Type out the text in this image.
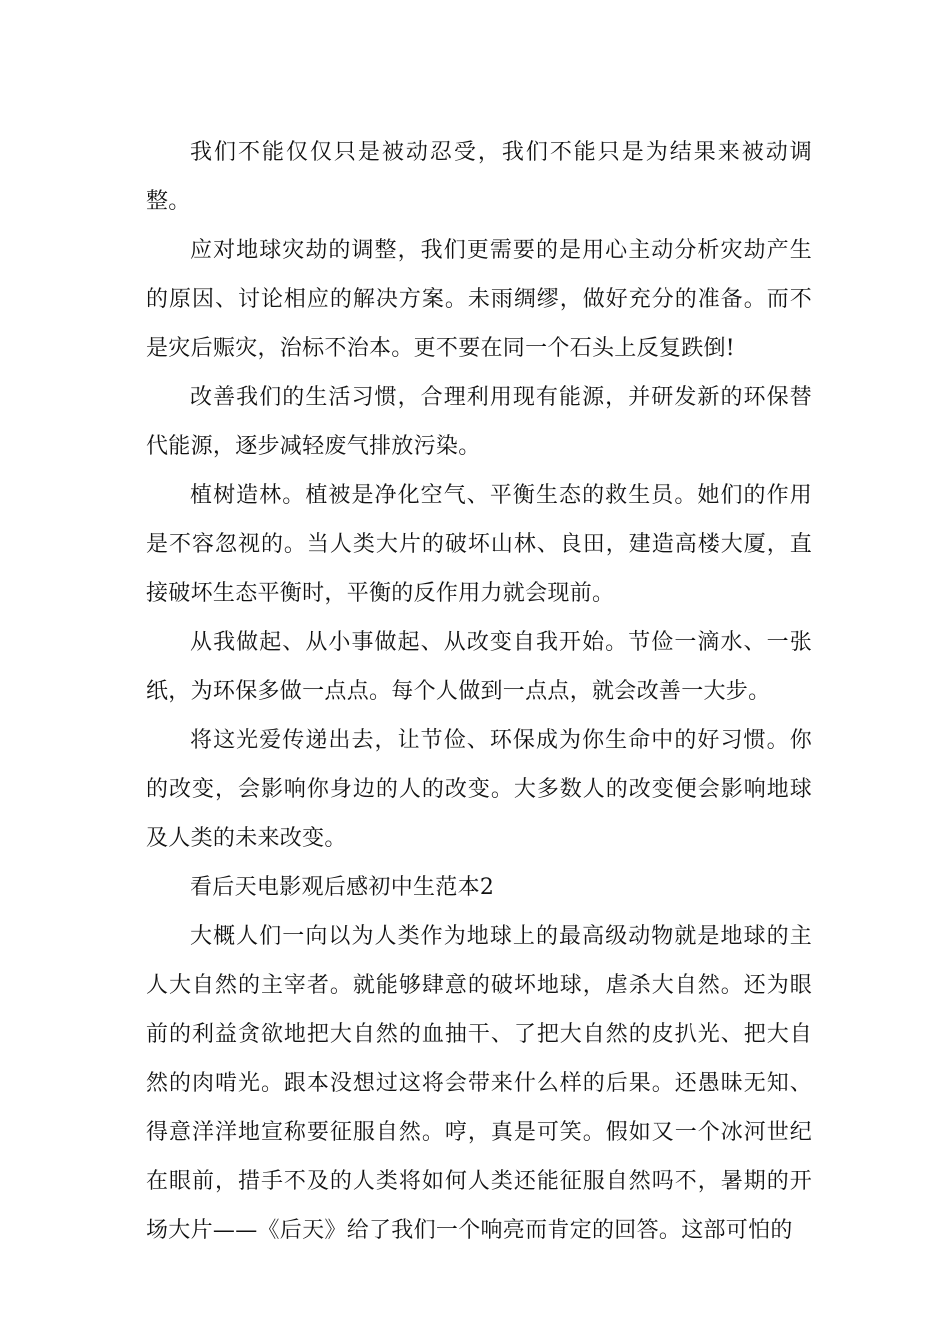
我们不能仅仅只是被动忍受，我们不能只是为结果来被动调整。

应对地球灾劫的调整，我们更需要的是用心主动分析灾劫产生的原因、讨论相应的解决方案。未雨绸缪，做好充分的准备。而不是灾后赈灾，治标不治本。更不要在同一个石头上反复跌倒!

改善我们的生活习惯，合理利用现有能源，并研发新的环保替代能源，逐步减轻废气排放污染。

植树造林。植被是净化空气、平衡生态的救生员。她们的作用是不容忽视的。当人类大片的破坏山林、良田，建造高楼大厦，直接破坏生态平衡时，平衡的反作用力就会现前。

从我做起、从小事做起、从改变自我开始。节俭一滴水、一张纸，为环保多做一点点。每个人做到一点点，就会改善一大步。

将这光爱传递出去，让节俭、环保成为你生命中的好习惯。你的改变，会影响你身边的人的改变。大多数人的改变便会影响地球及人类的未来改变。

看后天电影观后感初中生范本2

大概人们一向以为人类作为地球上的最高级动物就是地球的主人大自然的主宰者。就能够肆意的破坏地球，虐杀大自然。还为眼前的利益贪欲地把大自然的血抽干、了把大自然的皮扒光、把大自然的肉啃光。跟本没想过这将会带来什么样的后果。还愚昧无知、得意洋洋地宣称要征服自然。哼，真是可笑。假如又一个冰河世纪在眼前，措手不及的人类将如何人类还能征服自然吗不，暑期的开场大片——《后天》给了我们一个响亮而肯定的回答。这部可怕的
